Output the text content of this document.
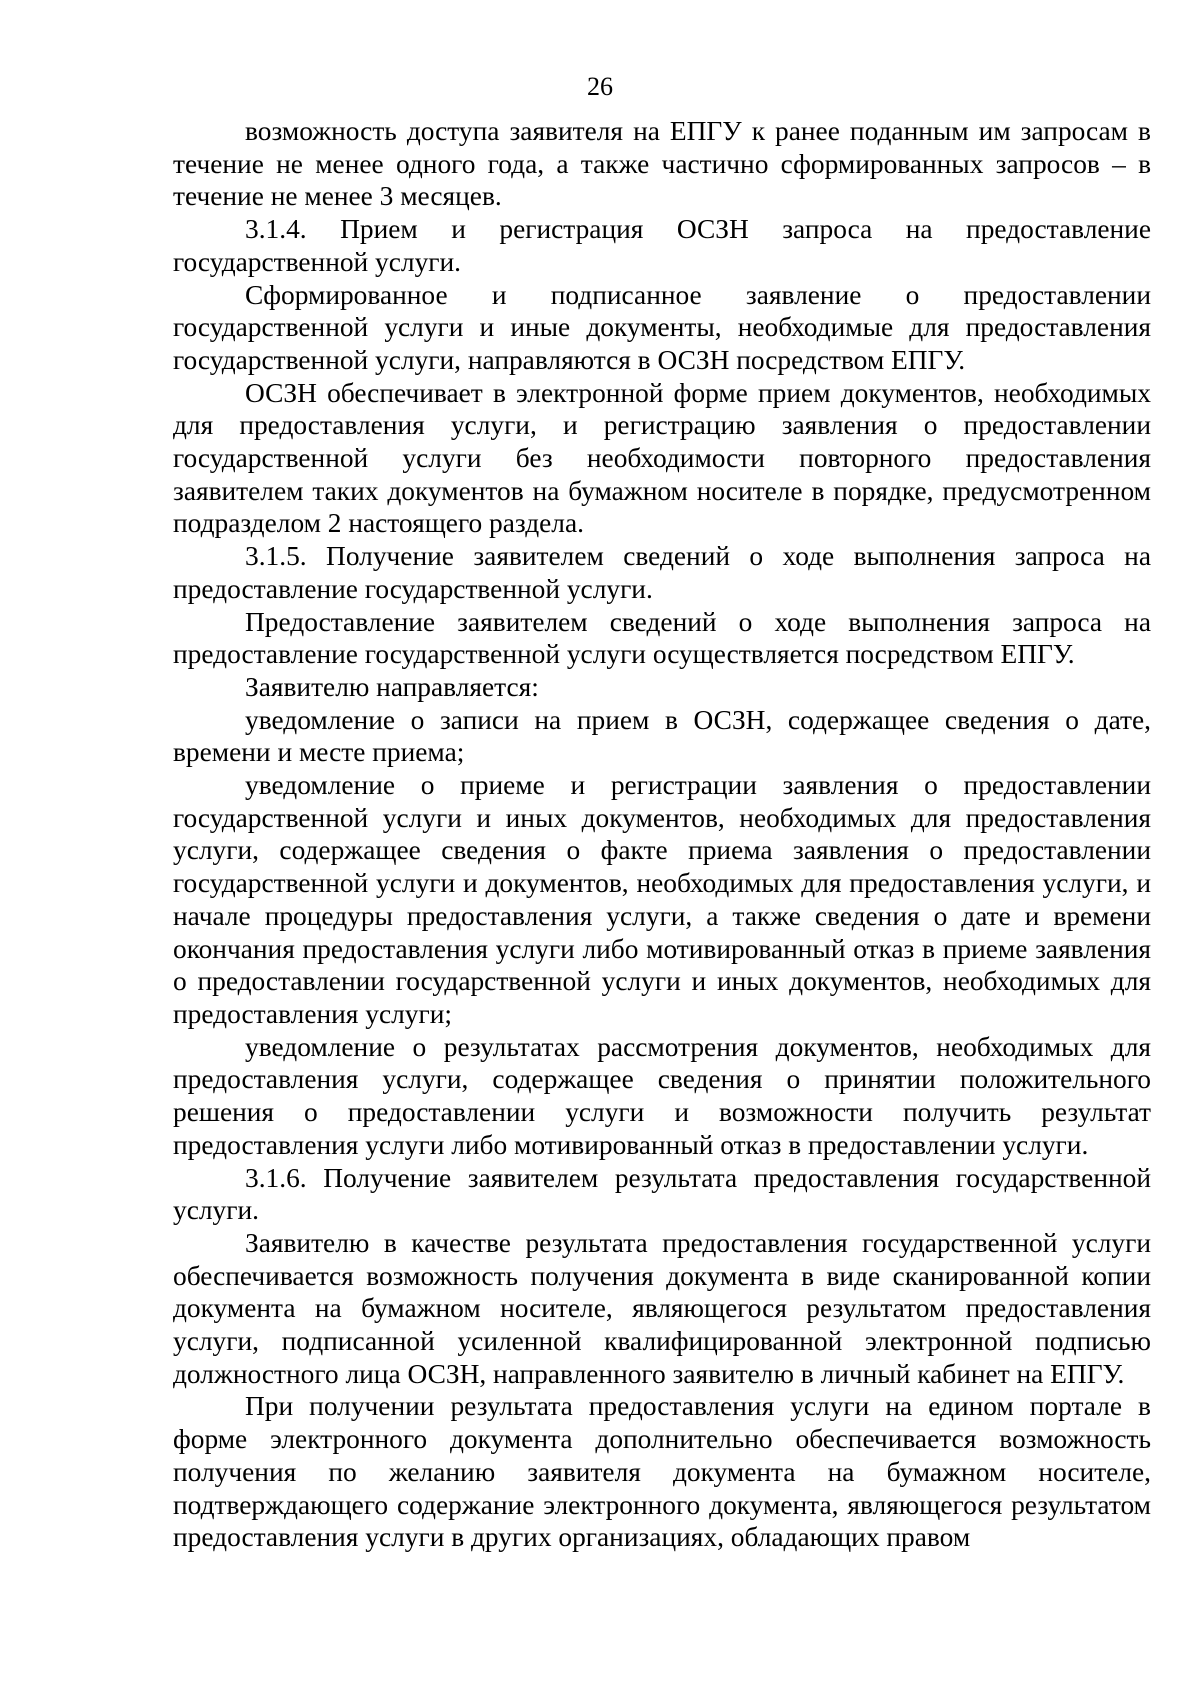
26

возможность доступа заявителя на ЕПГУ к ранее поданным им запросам в течение не менее одного года, а также частично сформированных запросов – в течение не менее 3 месяцев.

3.1.4. Прием и регистрация ОСЗН запроса на предоставление государственной услуги.

Сформированное и подписанное заявление о предоставлении государственной услуги и иные документы, необходимые для предоставления государственной услуги, направляются в ОСЗН посредством ЕПГУ.

ОСЗН обеспечивает в электронной форме прием документов, необходимых для предоставления услуги, и регистрацию заявления о предоставлении государственной услуги без необходимости повторного предоставления заявителем таких документов на бумажном носителе в порядке, предусмотренном подразделом 2 настоящего раздела.

3.1.5. Получение заявителем сведений о ходе выполнения запроса на предоставление государственной услуги.

Предоставление заявителем сведений о ходе выполнения запроса на предоставление государственной услуги осуществляется посредством ЕПГУ.

Заявителю направляется:

уведомление о записи на прием в ОСЗН, содержащее сведения о дате, времени и месте приема;

уведомление о приеме и регистрации заявления о предоставлении государственной услуги и иных документов, необходимых для предоставления услуги, содержащее сведения о факте приема заявления о предоставлении государственной услуги и документов, необходимых для предоставления услуги, и начале процедуры предоставления услуги, а также сведения о дате и времени окончания предоставления услуги либо мотивированный отказ в приеме заявления о предоставлении государственной услуги и иных документов, необходимых для предоставления услуги;

уведомление о результатах рассмотрения документов, необходимых для предоставления услуги, содержащее сведения о принятии положительного решения о предоставлении услуги и возможности получить результат предоставления услуги либо мотивированный отказ в предоставлении услуги.

3.1.6. Получение заявителем результата предоставления государственной услуги.

Заявителю в качестве результата предоставления государственной услуги обеспечивается возможность получения документа в виде сканированной копии документа на бумажном носителе, являющегося результатом предоставления услуги, подписанной усиленной квалифицированной электронной подписью должностного лица ОСЗН, направленного заявителю в личный кабинет на ЕПГУ.

При получении результата предоставления услуги на едином портале в форме электронного документа дополнительно обеспечивается возможность получения по желанию заявителя документа на бумажном носителе, подтверждающего содержание электронного документа, являющегося результатом предоставления услуги в других организациях, обладающих правом
